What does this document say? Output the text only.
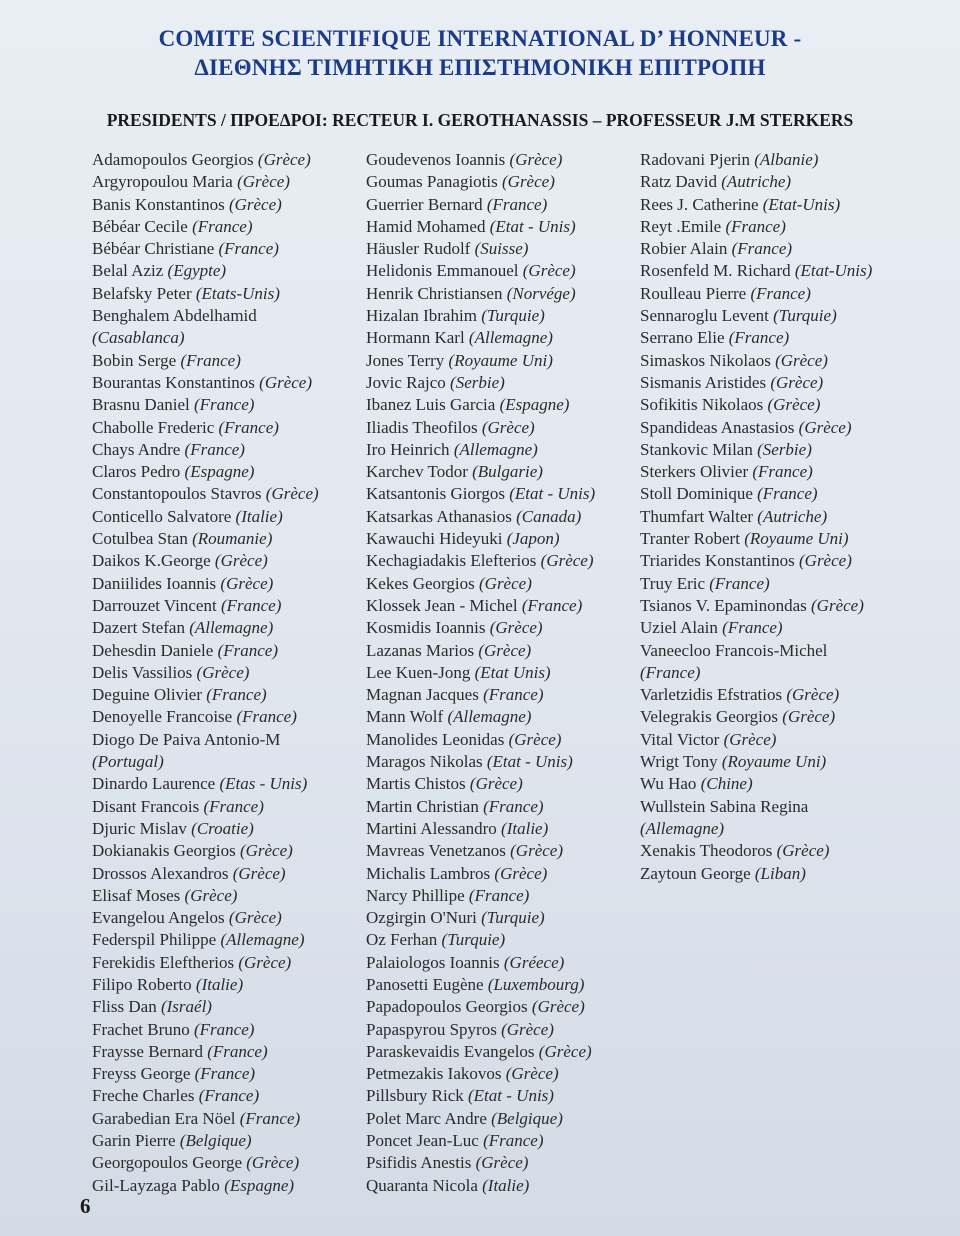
COMITE SCIENTIFIQUE INTERNATIONAL D’ HONNEUR -
ΔΙΕΘΝΗΣ ΤΙΜΗΤΙΚΗ ΕΠΙΣΤΗΜΟΝΙΚΗ ΕΠΙΤΡΟΠΗ
PRESIDENTS / ΠΡΟΕΔΡΟΙ: RECTEUR I. GEROTHANASSIS – PROFESSEUR J.M STERKERS
Adamopoulos Georgios (Grèce)
Argyropoulou Maria (Grèce)
Banis Konstantinos (Grèce)
Bébéar Cecile (France)
Bébéar Christiane (France)
Belal Aziz (Egypte)
Belafsky Peter (Etats-Unis)
Benghalem Abdelhamid
(Casablanca)
Bobin Serge (France)
Bourantas Konstantinos (Grèce)
Brasnu Daniel (France)
Chabolle Frederic (France)
Chays Andre (France)
Claros Pedro (Espagne)
Constantopoulos Stavros (Grèce)
Conticello Salvatore (Italie)
Cotulbea Stan (Roumanie)
Daikos K.George (Grèce)
Daniilides Ioannis (Grèce)
Darrouzet Vincent (France)
Dazert Stefan (Allemagne)
Dehesdin Daniele (France)
Delis Vassilios (Grèce)
Deguine Olivier (France)
Denoyelle Francoise (France)
Diogo De Paiva Antonio-M
(Portugal)
Dinardo Laurence (Etas - Unis)
Disant Francois (France)
Djuric Mislav (Croatie)
Dokianakis Georgios (Grèce)
Drossos Alexandros (Grèce)
Elisaf Moses (Grèce)
Evangelou Angelos (Grèce)
Federspil Philippe (Allemagne)
Ferekidis Eleftherios (Grèce)
Filipo Roberto (Italie)
Fliss Dan (Israél)
Frachet Bruno (France)
Fraysse Bernard (France)
Freyss George (France)
Freche Charles (France)
Garabedian Era Nöel (France)
Garin Pierre (Belgique)
Georgopoulos George (Grèce)
Gil-Layzaga Pablo (Espagne)
Goudevenos Ioannis (Grèce)
Goumas Panagiotis (Grèce)
Guerrier Bernard (France)
Hamid Mohamed (Etat - Unis)
Häusler Rudolf (Suisse)
Helidonis Emmanouel (Grèce)
Henrik Christiansen (Norvége)
Hizalan Ibrahim (Turquie)
Hormann Karl (Allemagne)
Jones Terry (Royaume Uni)
Jovic Rajco (Serbie)
Ibanez Luis Garcia (Espagne)
Iliadis Theofilos (Grèce)
Iro Heinrich (Allemagne)
Karchev Todor (Bulgarie)
Katsantonis Giorgos (Etat - Unis)
Katsarkas Athanasios (Canada)
Kawauchi Hideyuki (Japon)
Kechagiadakis Elefterios (Grèce)
Kekes Georgios (Grèce)
Klossek Jean - Michel (France)
Kosmidis Ioannis (Grèce)
Lazanas Marios (Grèce)
Lee Kuen-Jong (Etat Unis)
Magnan Jacques (France)
Mann Wolf (Allemagne)
Manolides Leonidas (Grèce)
Maragos Nikolas (Etat - Unis)
Martis Chistos (Grèce)
Martin Christian (France)
Martini Alessandro (Italie)
Mavreas Venetzanos (Grèce)
Michalis Lambros (Grèce)
Narcy Phillipe (France)
Ozgirgin O'Nuri (Turquie)
Oz Ferhan (Turquie)
Palaiologos Ioannis (Gréece)
Panosetti Eugène (Luxembourg)
Papadopoulos Georgios (Grèce)
Papaspyrou Spyros (Grèce)
Paraskevaidis Evangelos (Grèce)
Petmezakis Iakovos (Grèce)
Pillsbury Rick (Etat - Unis)
Polet Marc Andre (Belgique)
Poncet Jean-Luc (France)
Psifidis Anestis (Grèce)
Quaranta Nicola (Italie)
Radovani Pjerin (Albanie)
Ratz David (Autriche)
Rees J. Catherine (Etat-Unis)
Reyt .Emile (France)
Robier Alain (France)
Rosenfeld M. Richard (Etat-Unis)
Roulleau Pierre (France)
Sennaroglu Levent (Turquie)
Serrano Elie (France)
Simaskos Nikolaos (Grèce)
Sismanis Aristides (Grèce)
Sofikitis Nikolaos (Grèce)
Spandideas Anastasios (Grèce)
Stankovic Milan (Serbie)
Sterkers Olivier (France)
Stoll Dominique (France)
Thumfart Walter (Autriche)
Tranter Robert (Royaume Uni)
Triarides Konstantinos (Grèce)
Truy Eric (France)
Tsianos V. Epaminondas (Grèce)
Uziel Alain (France)
Vaneecloo Francois-Michel
(France)
Varletzidis Efstratios (Grèce)
Velegrakis Georgios (Grèce)
Vital Victor (Grèce)
Wrigt Tony (Royaume Uni)
Wu Hao (Chine)
Wullstein Sabina Regina
(Allemagne)
Xenakis Theodoros (Grèce)
Zaytoun George (Liban)
6
